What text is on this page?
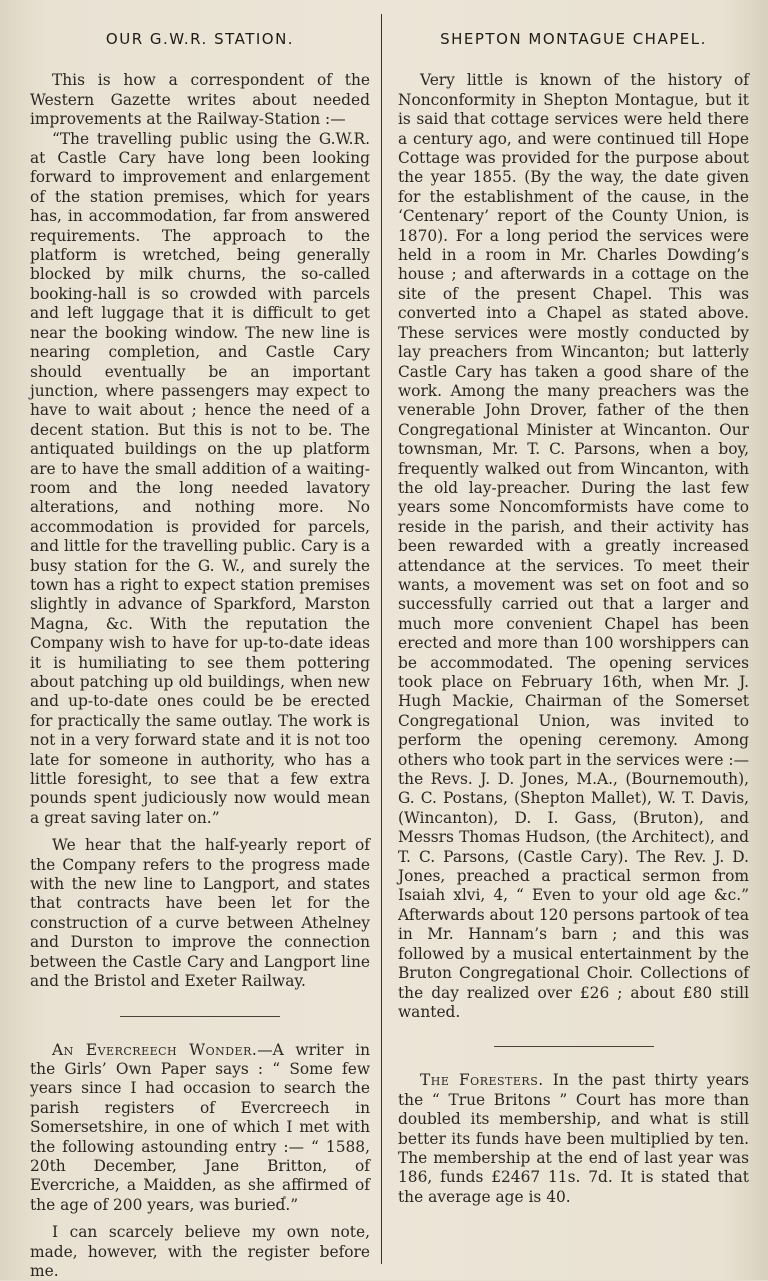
OUR G.W.R. STATION.

This is how a correspondent of the Western Gazette writes about needed improvements at the Railway-Station :—

“The travelling public using the G.W.R. at Castle Cary have long been looking forward to improvement and enlargement of the station premises, which for years has, in accommodation, far from answered requirements. The approach to the platform is wretched, being generally blocked by milk churns, the so-called booking-hall is so crowded with parcels and left luggage that it is difficult to get near the booking window. The new line is nearing completion, and Castle Cary should eventually be an important junction, where passengers may expect to have to wait about ; hence the need of a decent station. But this is not to be. The antiquated buildings on the up platform are to have the small addition of a waiting-room and the long needed lavatory alterations, and nothing more. No accommodation is provided for parcels, and little for the travelling public. Cary is a busy station for the G. W., and surely the town has a right to expect station premises slightly in advance of Sparkford, Marston Magna, &c. With the reputation the Company wish to have for up-to-date ideas it is humiliating to see them pottering about patching up old buildings, when new and up-to-date ones could be be erected for practically the same outlay. The work is not in a very forward state and it is not too late for someone in authority, who has a little foresight, to see that a few extra pounds spent judiciously now would mean a great saving later on.”

We hear that the half-yearly report of the Company refers to the progress made with the new line to Langport, and states that contracts have been let for the construction of a curve between Athelney and Durston to improve the connection between the Castle Cary and Langport line and the Bristol and Exeter Railway.

An Evercreech Wonder.—A writer in the Girls’ Own Paper says : “ Some few years since I had occasion to search the parish registers of Evercreech in Somersetshire, in one of which I met with the following astounding entry :— “ 1588, 20th December, Jane Britton, of Evercriche, a Maidden, as she affirmed of the age of 200 years, was buried.”

I can scarcely believe my own note, made, however, with the register before me.

SHEPTON MONTAGUE CHAPEL.

Very little is known of the history of Nonconformity in Shepton Montague, but it is said that cottage services were held there a century ago, and were continued till Hope Cottage was provided for the purpose about the year 1855. (By the way, the date given for the establishment of the cause, in the ‘Centenary’ report of the County Union, is 1870). For a long period the services were held in a room in Mr. Charles Dowding’s house ; and afterwards in a cottage on the site of the present Chapel. This was converted into a Chapel as stated above. These services were mostly conducted by lay preachers from Wincanton; but latterly Castle Cary has taken a good share of the work. Among the many preachers was the venerable John Drover, father of the then Congregational Minister at Wincanton. Our townsman, Mr. T. C. Parsons, when a boy, frequently walked out from Wincanton, with the old lay-preacher. During the last few years some Noncomformists have come to reside in the parish, and their activity has been rewarded with a greatly increased attendance at the services. To meet their wants, a movement was set on foot and so successfully carried out that a larger and much more convenient Chapel has been erected and more than 100 worshippers can be accommodated. The opening services took place on February 16th, when Mr. J. Hugh Mackie, Chairman of the Somerset Congregational Union, was invited to perform the opening ceremony. Among others who took part in the services were :— the Revs. J. D. Jones, M.A., (Bournemouth), G. C. Postans, (Shepton Mallet), W. T. Davis, (Wincanton), D. I. Gass, (Bruton), and Messrs Thomas Hudson, (the Architect), and T. C. Parsons, (Castle Cary). The Rev. J. D. Jones, preached a practical sermon from Isaiah xlvi, 4, “ Even to your old age &c.” Afterwards about 120 persons partook of tea in Mr. Hannam’s barn ; and this was followed by a musical entertainment by the Bruton Congregational Choir. Collections of the day realized over £26 ; about £80 still wanted.

The Foresters. In the past thirty years the “ True Britons ” Court has more than doubled its membership, and what is still better its funds have been multiplied by ten. The membership at the end of last year was 186, funds £2467 11s. 7d. It is stated that the average age is 40.
